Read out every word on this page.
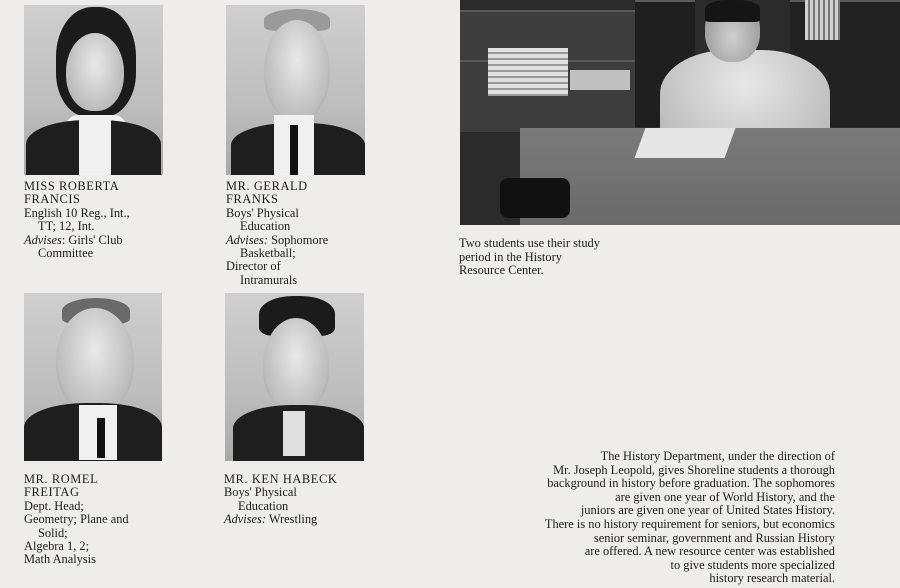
MISS ROBERTA
FRANCIS
English 10 Reg., Int.,
TT; 12, Int.
Advises: Girls' Club
Committee
MR. GERALD
FRANKS
Boys' Physical
Education
Advises: Sophomore
Basketball;
Director of
Intramurals
MR. ROMEL
FREITAG
Dept. Head;
Geometry; Plane and
Solid;
Algebra 1, 2;
Math Analysis
MR. KEN HABECK
Boys' Physical
Education
Advises: Wrestling
Two students use their study
period in the History
Resource Center.
The History Department, under the direction of
Mr. Joseph Leopold, gives Shoreline students a thorough
background in history before graduation. The sophomores
are given one year of World History, and the
juniors are given one year of United States History.
There is no history requirement for seniors, but economics
senior seminar, government and Russian History
are offered. A new resource center was established
to give students more specialized
history research material.
